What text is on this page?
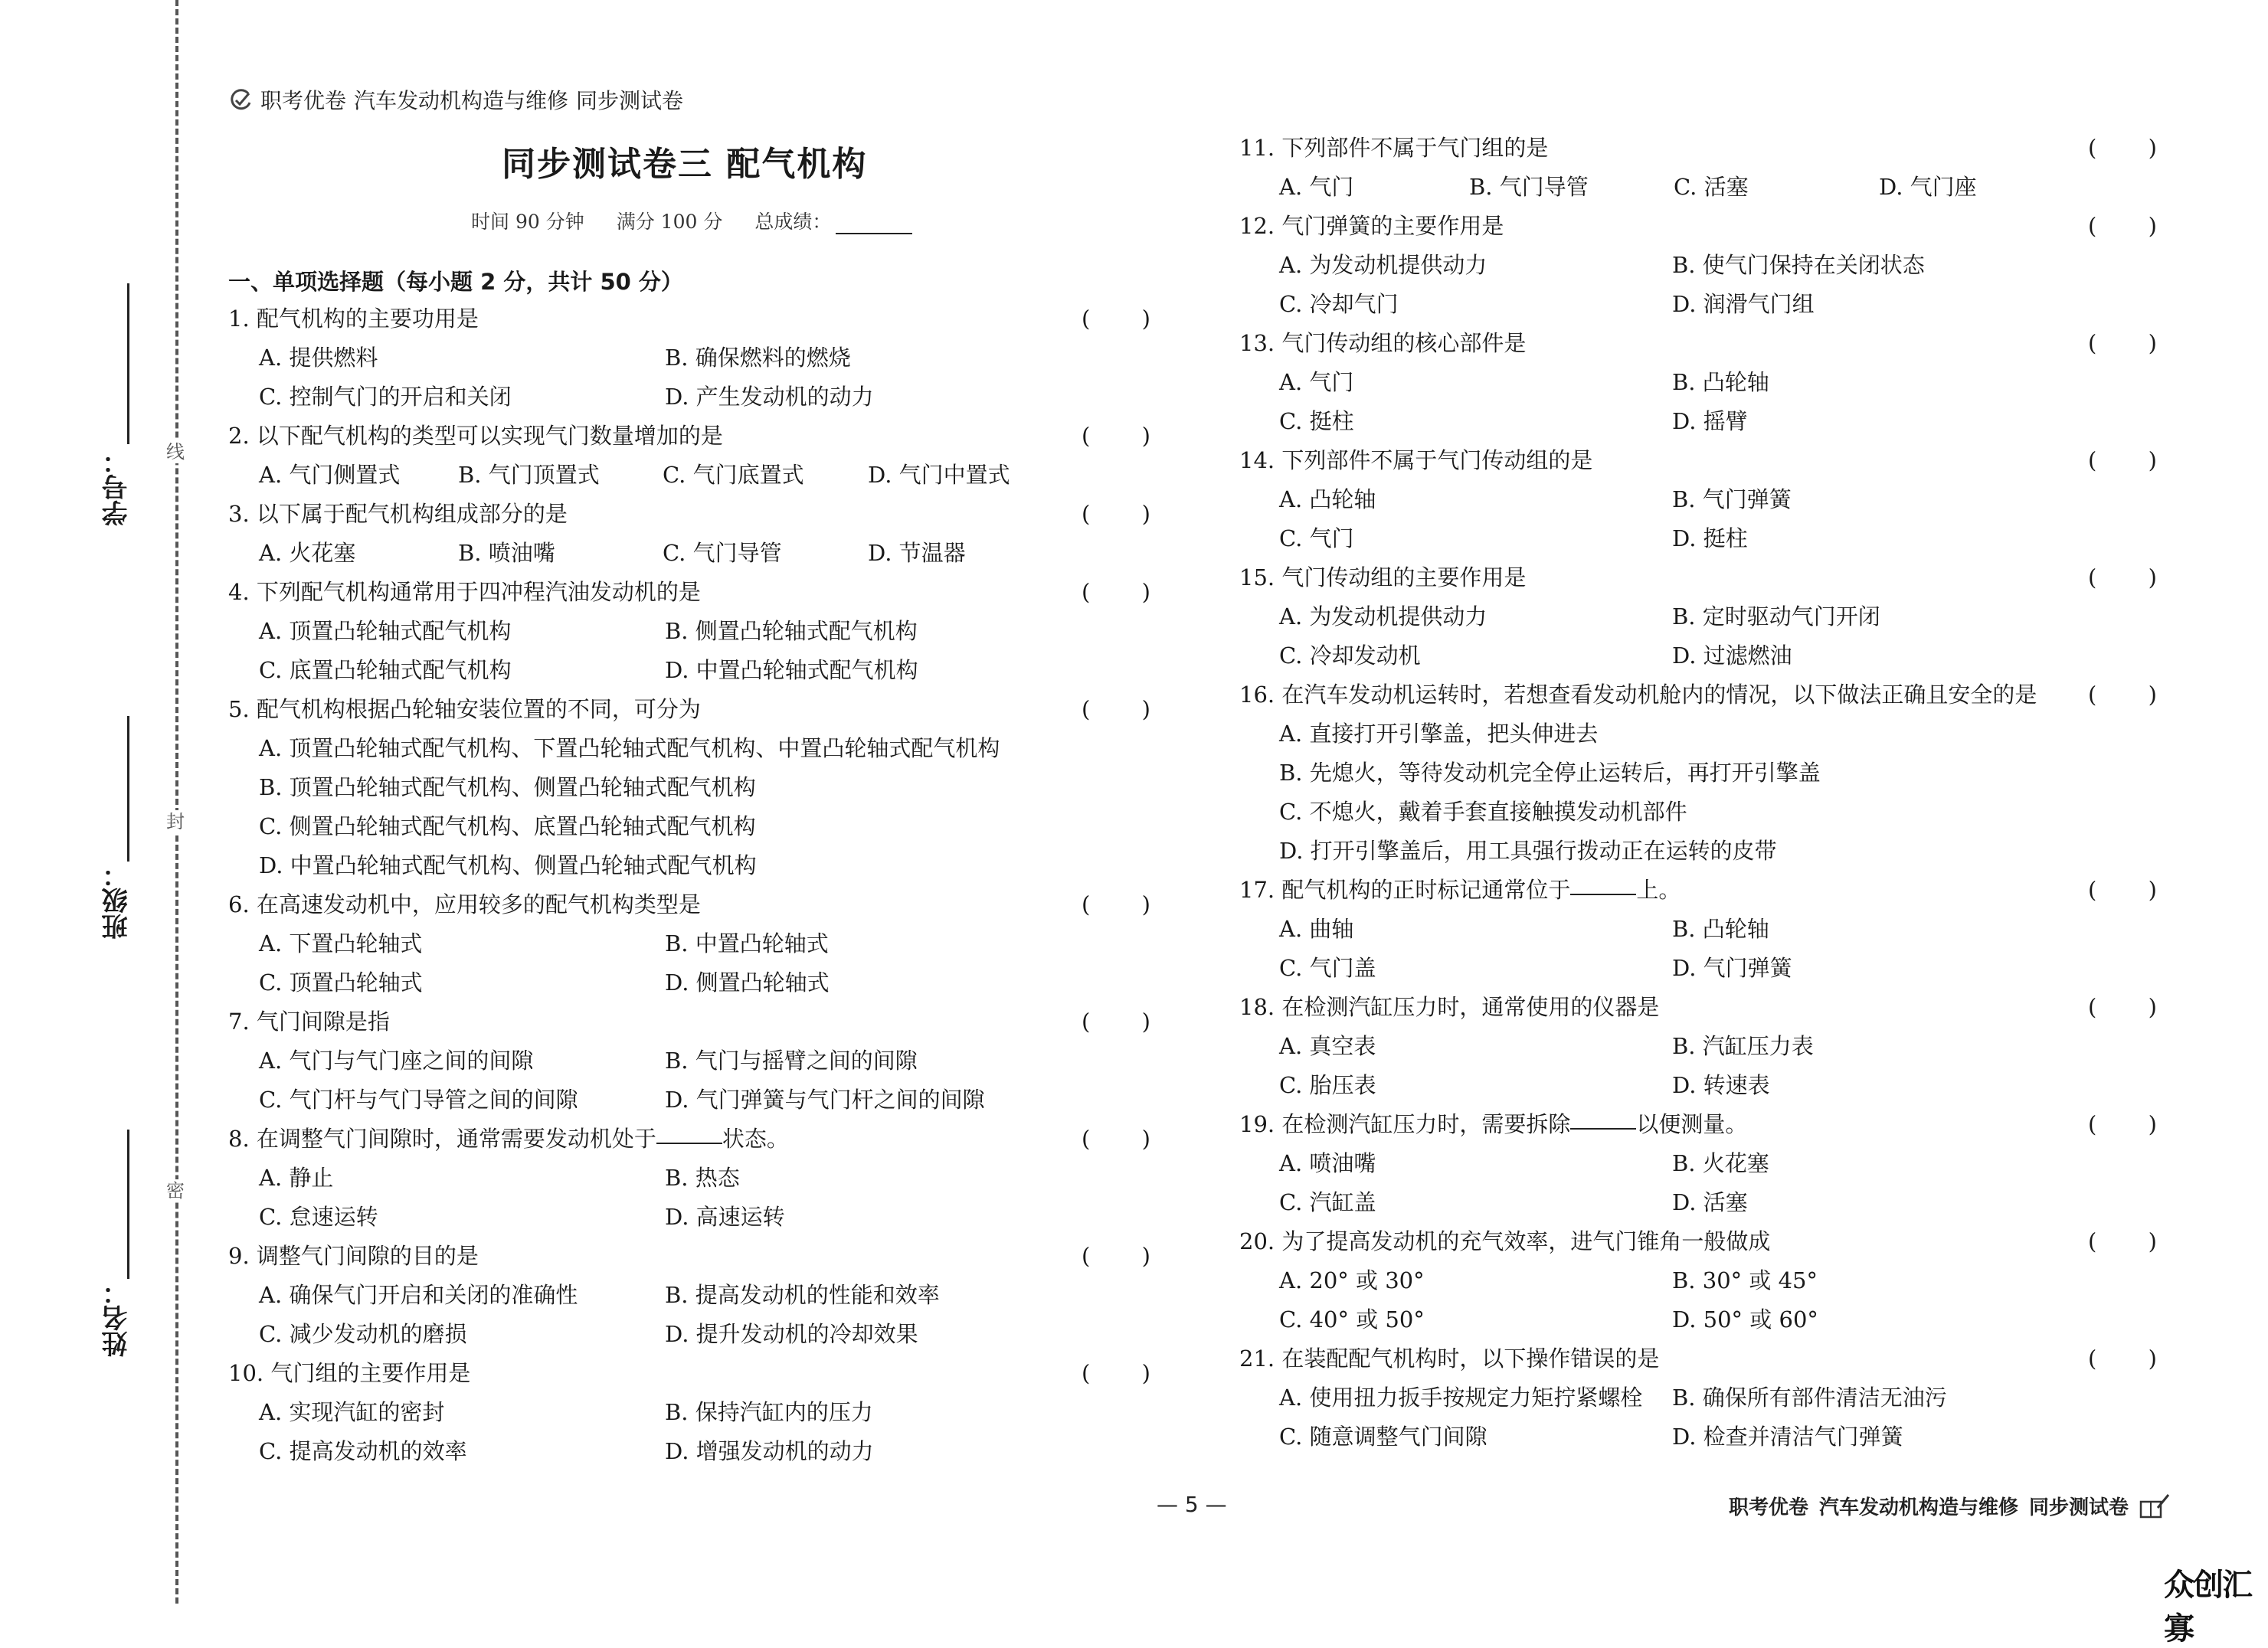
线
封
密
学号：
班级：
姓名：
职考优卷 汽车发动机构造与维修 同步测试卷
同步测试卷三 配气机构
时间 90 分钟 满分 100 分 总成绩：
一、单项选择题（每小题 2 分，共计 50 分）
1. 配气机构的主要功用是	( )
A. 提供燃料	B. 确保燃料的燃烧
C. 控制气门的开启和关闭	D. 产生发动机的动力
2. 以下配气机构的类型可以实现气门数量增加的是	( )
A. 气门侧置式	B. 气门顶置式	C. 气门底置式	D. 气门中置式
3. 以下属于配气机构组成部分的是	( )
A. 火花塞	B. 喷油嘴	C. 气门导管	D. 节温器
4. 下列配气机构通常用于四冲程汽油发动机的是	( )
A. 顶置凸轮轴式配气机构	B. 侧置凸轮轴式配气机构
C. 底置凸轮轴式配气机构	D. 中置凸轮轴式配气机构
5. 配气机构根据凸轮轴安装位置的不同，可分为	( )
A. 顶置凸轮轴式配气机构、下置凸轮轴式配气机构、中置凸轮轴式配气机构
B. 顶置凸轮轴式配气机构、侧置凸轮轴式配气机构
C. 侧置凸轮轴式配气机构、底置凸轮轴式配气机构
D. 中置凸轮轴式配气机构、侧置凸轮轴式配气机构
6. 在高速发动机中，应用较多的配气机构类型是	( )
A. 下置凸轮轴式	B. 中置凸轮轴式
C. 顶置凸轮轴式	D. 侧置凸轮轴式
7. 气门间隙是指	( )
A. 气门与气门座之间的间隙	B. 气门与摇臂之间的间隙
C. 气门杆与气门导管之间的间隙	D. 气门弹簧与气门杆之间的间隙
8. 在调整气门间隙时，通常需要发动机处于	状态。	( )
A. 静止	B. 热态
C. 怠速运转	D. 高速运转
9. 调整气门间隙的目的是	( )
A. 确保气门开启和关闭的准确性	B. 提高发动机的性能和效率
C. 减少发动机的磨损	D. 提升发动机的冷却效果
10. 气门组的主要作用是	( )
A. 实现汽缸的密封	B. 保持汽缸内的压力
C. 提高发动机的效率	D. 增强发动机的动力
11. 下列部件不属于气门组的是	( )
A. 气门	B. 气门导管	C. 活塞	D. 气门座
12. 气门弹簧的主要作用是	( )
A. 为发动机提供动力	B. 使气门保持在关闭状态
C. 冷却气门	D. 润滑气门组
13. 气门传动组的核心部件是	( )
A. 气门	B. 凸轮轴
C. 挺柱	D. 摇臂
14. 下列部件不属于气门传动组的是	( )
A. 凸轮轴	B. 气门弹簧
C. 气门	D. 挺柱
15. 气门传动组的主要作用是	( )
A. 为发动机提供动力	B. 定时驱动气门开闭
C. 冷却发动机	D. 过滤燃油
16. 在汽车发动机运转时，若想查看发动机舱内的情况，以下做法正确且安全的是 ( )
A. 直接打开引擎盖，把头伸进去
B. 先熄火，等待发动机完全停止运转后，再打开引擎盖
C. 不熄火，戴着手套直接触摸发动机部件
D. 打开引擎盖后，用工具强行拨动正在运转的皮带
17. 配气机构的正时标记通常位于	上。	( )
A. 曲轴	B. 凸轮轴
C. 气门盖	D. 气门弹簧
18. 在检测汽缸压力时，通常使用的仪器是	( )
A. 真空表	B. 汽缸压力表
C. 胎压表	D. 转速表
19. 在检测汽缸压力时，需要拆除	以便测量。	( )
A. 喷油嘴	B. 火花塞
C. 汽缸盖	D. 活塞
20. 为了提高发动机的充气效率，进气门锥角一般做成	( )
A. 20° 或 30°	B. 30° 或 45°
C. 40° 或 50°	D. 50° 或 60°
21. 在装配配气机构时，以下操作错误的是	( )
A. 使用扭力扳手按规定力矩拧紧螺栓 B. 确保所有部件清洁无油污
C. 随意调整气门间隙	D. 检查并清洁气门弹簧
— 5 —	职考优卷 汽车发动机构造与维修 同步测试卷
众创汇寡
